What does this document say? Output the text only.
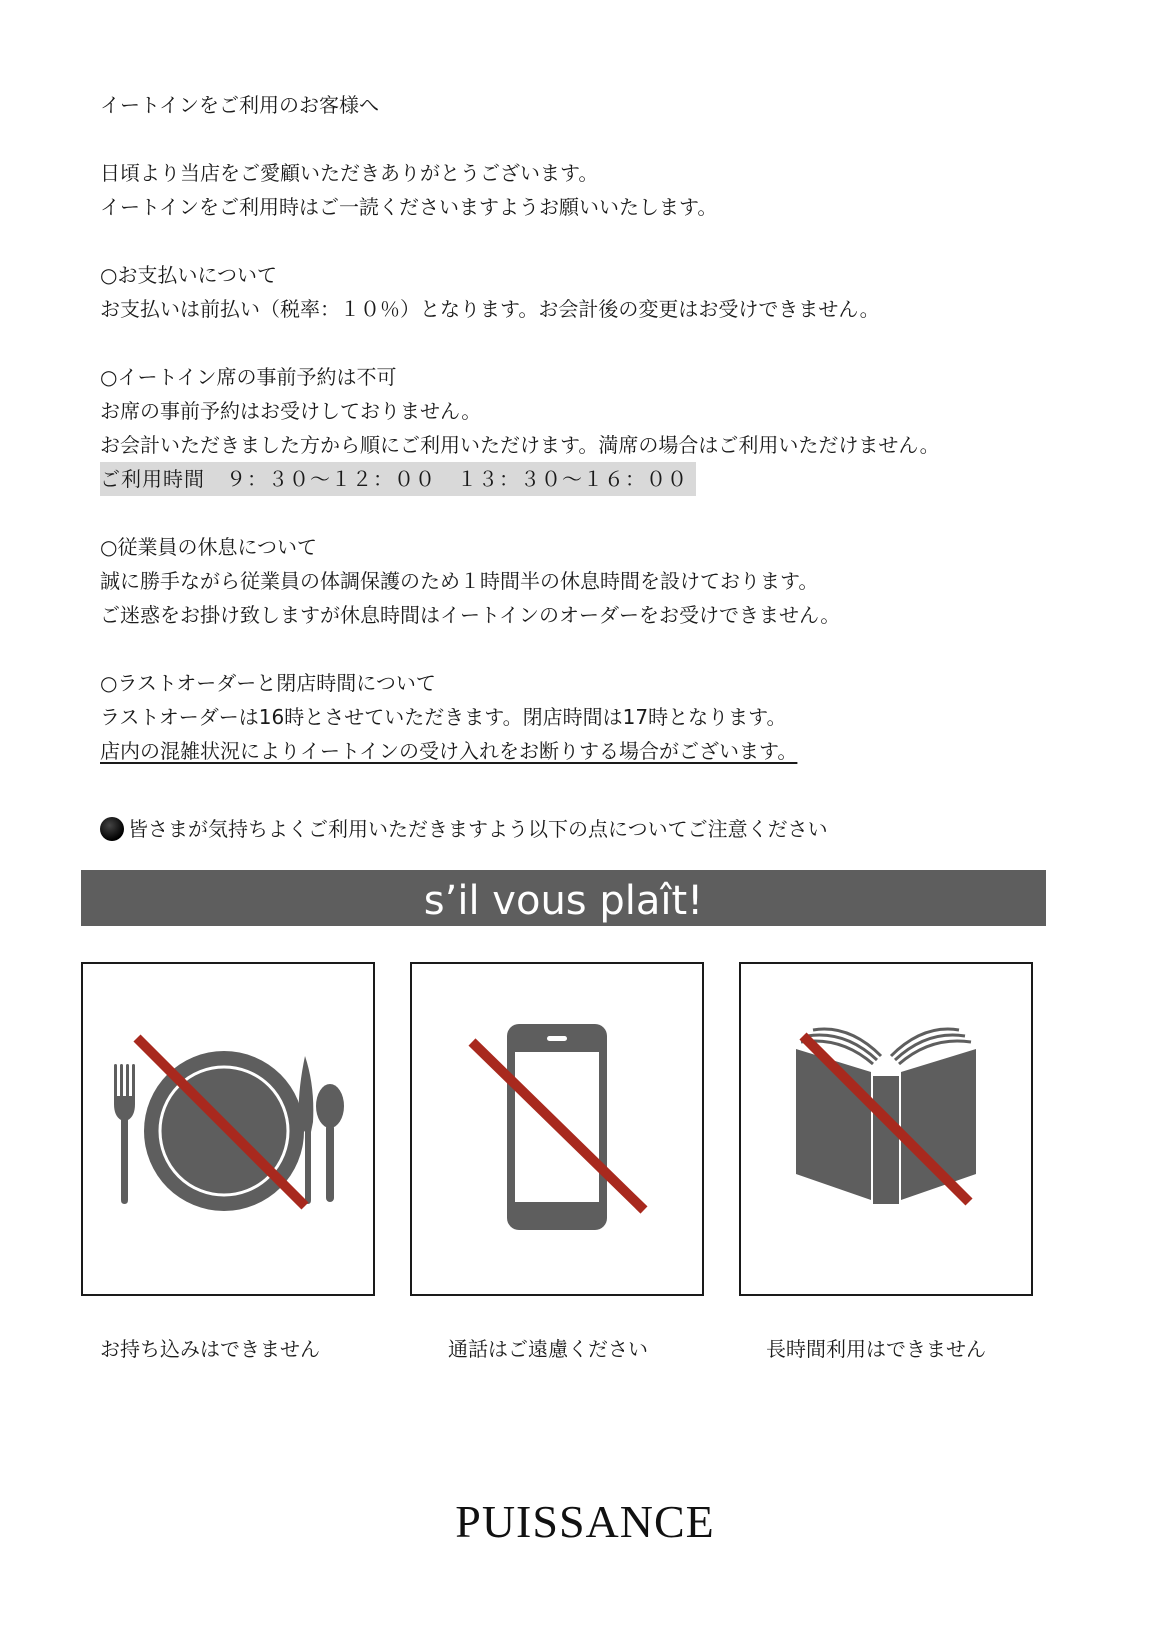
イートインをご利用のお客様へ
日頃より当店をご愛顧いただきありがとうございます。
イートインをご利用時はご一読くださいますようお願いいたします。
○お支払いについて
お支払いは前払い（税率：１０％）となります。お会計後の変更はお受けできません。
○イートイン席の事前予約は不可
お席の事前予約はお受けしておりません。
お会計いただきました方から順にご利用いただけます。満席の場合はご利用いただけません。
ご利用時間　９：３０～１２：００　１３：３０～１６：００
○従業員の休息について
誠に勝手ながら従業員の体調保護のため１時間半の休息時間を設けております。
ご迷惑をお掛け致しますが休息時間はイートインのオーダーをお受けできません。
○ラストオーダーと閉店時間について
ラストオーダーは16時とさせていただきます。閉店時間は17時となります。
店内の混雑状況によりイートインの受け入れをお断りする場合がございます。
皆さまが気持ちよくご利用いただきますよう以下の点についてご注意ください
s’il vous plaît!
お持ち込みはできません	通話はご遠慮ください	長時間利用はできません
PUISSANCE
